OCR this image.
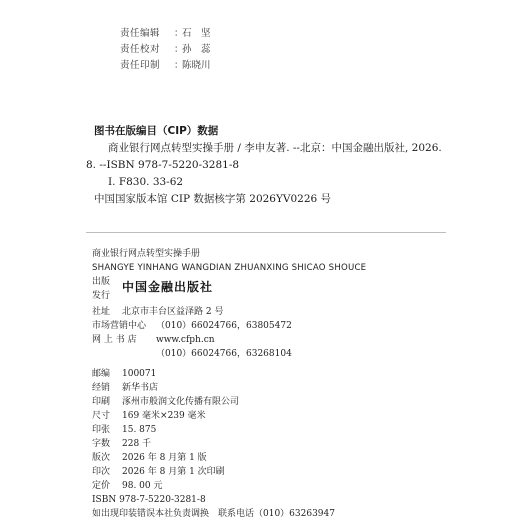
责任编辑 ：石　坚
责任校对 ：孙　蕊
责任印制 ：陈晓川
图书在版编目（CIP）数据
商业银行网点转型实操手册 / 李申友著. --北京：中国金融出版社, 2026.
8. --ISBN 978-7-5220-3281-8
Ⅰ. F830. 33-62
中国国家版本馆 CIP 数据核字第 2026YV0226 号
商业银行网点转型实操手册
SHANGYE YINHANG WANGDIAN ZHUANXING SHICAO SHOUCE
出版
发行
中国金融出版社
社址 北京市丰台区益泽路 2 号
市场营销中心 （010）66024766，63805472
网 上 书 店 www.cfph.cn
（010）66024766，63268104
邮编 100071
经销 新华书店
印刷 涿州市般润文化传播有限公司
尺寸 169 毫米×239 毫米
印张 15. 875
字数 228 千
版次 2026 年 8 月第 1 版
印次 2026 年 8 月第 1 次印刷
定价 98. 00 元
ISBN 978-7-5220-3281-8
如出现印装错误本社负责调换　联系电话（010）63263947
